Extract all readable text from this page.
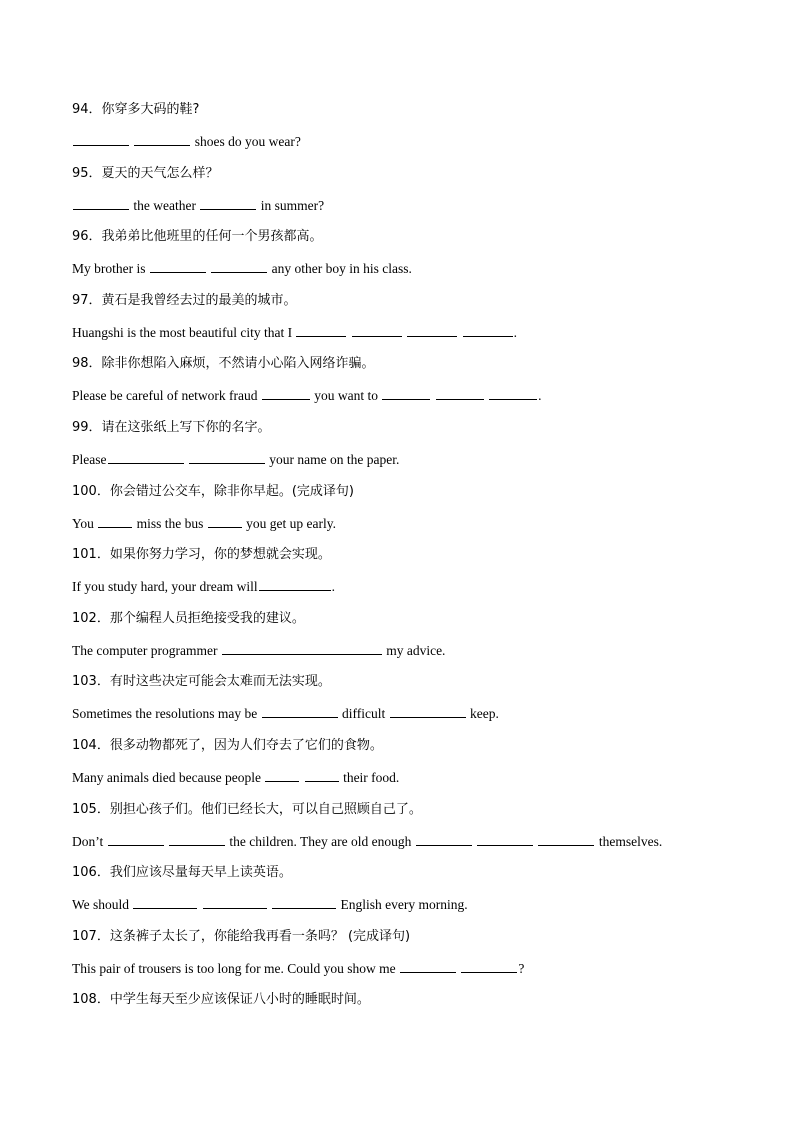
94．你穿多大码的鞋?
shoes do you wear?
95．夏天的天气怎么样？
the weather	in summer?
96．我弟弟比他班里的任何一个男孩都高。
My brother is	any other boy in his class.
97．黄石是我曾经去过的最美的城市。
Huangshi is the most beautiful city that I	.
98．除非你想陷入麻烦，不然请小心陷入网络诈骗。
Please be careful of network fraud	you want to	.
99．请在这张纸上写下你的名字。
Please	your name on the paper.
100．你会错过公交车，除非你早起。(完成译句)
You	miss the bus	you get up early.
101．如果你努力学习，你的梦想就会实现。
If you study hard, your dream will	.
102．那个编程人员拒绝接受我的建议。
The computer programmer	my advice.
103．有时这些决定可能会太难而无法实现。
Sometimes the resolutions may be	difficult	keep.
104．很多动物都死了，因为人们夺去了它们的食物。
Many animals died because people	their food.
105．别担心孩子们。他们已经长大，可以自己照顾自己了。
Don’t	the children. They are old enough	themselves.
106．我们应该尽量每天早上读英语。
We should	English every morning.
107．这条裤子太长了，你能给我再看一条吗？ (完成译句)
This pair of trousers is too long for me. Could you show me	?
108．中学生每天至少应该保证八小时的睡眠时间。
